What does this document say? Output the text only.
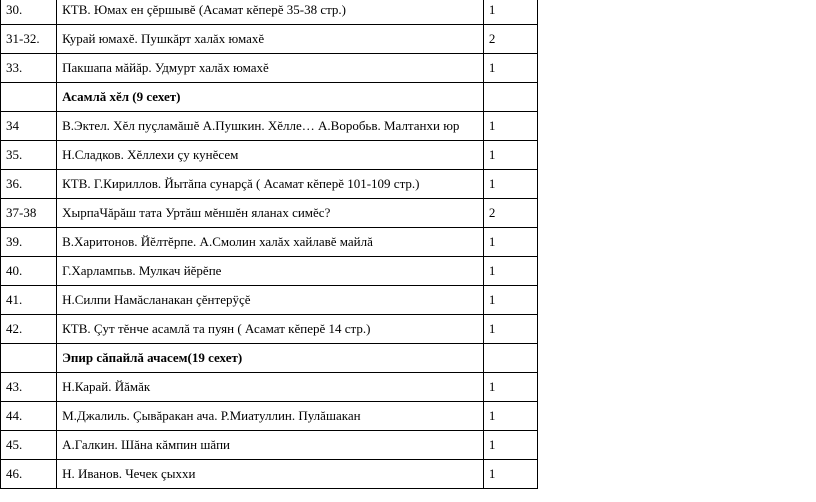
30.	КТВ. Юмах ен çĕршывĕ (Асамат кĕперĕ 35-38 стр.)	1
31-32.	Курай юмахĕ. Пушкăрт халăх юмахĕ	2
33.	Пакшапа мăйăр. Удмурт халăх юмахĕ	1
	Асамлă хĕл (9 сехет)	
34	В.Эктел. Хĕл пуçламăшĕ А.Пушкин. Хĕлле… А.Воробьв. Малтанхи юр	1
35.	Н.Сладков. Хĕллехи çу кунĕсем	1
36.	КТВ. Г.Кириллов. Йытăпа сунарçă ( Асамат кĕперĕ 101-109 стр.)	1
37-38	ХырпаЧăрăш тата Уртăш мĕншĕн яланах симĕс?	2
39.	В.Харитонов. Йĕлтĕрпе. А.Смолин халăх хайлавĕ майлă	1
40.	Г.Харлампьв. Мулкач йĕрĕпе	1
41.	Н.Силпи Намăсланакан çĕнтерÿçĕ	1
42.	КТВ. Çут тĕнче асамлă та пуян ( Асамат кĕперĕ 14 стр.)	1
	Эпир сăпайлă ачасем(19 сехет)	
43.	Н.Карай. Йăмăк	1
44.	М.Джалиль. Çывăракан ача. Р.Миатуллин. Пулăшакан	1
45.	А.Галкин. Шăна кăмпин шăпи	1
46.	Н. Иванов. Чечек çыххи	1
